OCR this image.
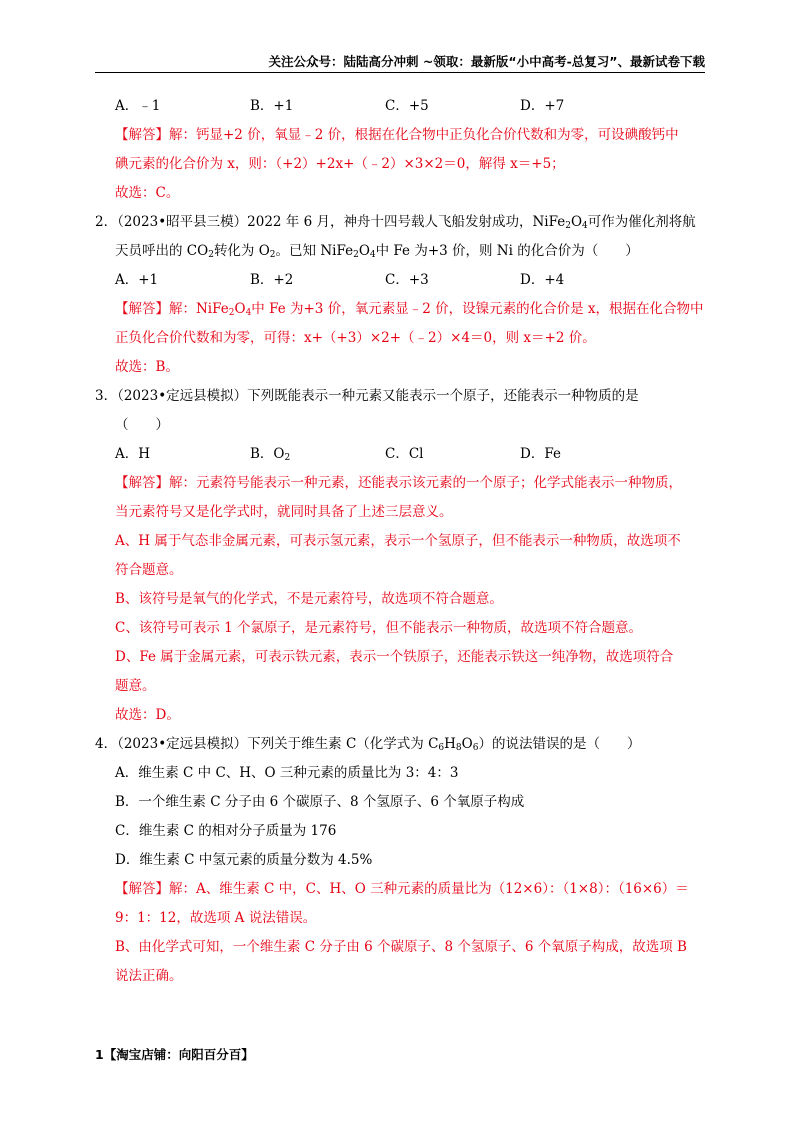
关注公众号：陆陆高分冲刺 ~领取：最新版“小中高考-总复习”、最新试卷下载
A．﹣1	B．+1	C．+5	D．+7
【解答】解：钙显+2 价，氧显﹣2 价，根据在化合物中正负化合价代数和为零，可设碘酸钙中
碘元素的化合价为 x，则：（+2）+2x+（﹣2）×3×2＝0，解得 x＝+5；
故选：C。
2．（2023•昭平县三模）2022 年 6 月，神舟十四号载人飞船发射成功，$NiFe_2O_4$可作为催化剂将航
天员呼出的 $CO_2$转化为 $O_2$。已知 $NiFe_2O_4$中 Fe 为+3 价，则 Ni 的化合价为（　　）
A．+1	B．+2	C．+3	D．+4
【解答】解：$NiFe_2O_4$中 Fe 为+3 价，氧元素显﹣2 价，设镍元素的化合价是 x，根据在化合物中
正负化合价代数和为零，可得：x+（+3）×2+（﹣2）×4＝0，则 x＝+2 价。
故选：B。
3．（2023•定远县模拟）下列既能表示一种元素又能表示一个原子，还能表示一种物质的是
（　　）
A．H	B．$O_2$	C．Cl	D．Fe
【解答】解：元素符号能表示一种元素，还能表示该元素的一个原子；化学式能表示一种物质，
当元素符号又是化学式时，就同时具备了上述三层意义。
A、H 属于气态非金属元素，可表示氢元素，表示一个氢原子，但不能表示一种物质，故选项不
符合题意。
B、该符号是氧气的化学式，不是元素符号，故选项不符合题意。
C、该符号可表示 1 个氯原子，是元素符号，但不能表示一种物质，故选项不符合题意。
D、Fe 属于金属元素，可表示铁元素，表示一个铁原子，还能表示铁这一纯净物，故选项符合
题意。
故选：D。
4．（2023•定远县模拟）下列关于维生素 C（化学式为 $C_6H_8O_6$）的说法错误的是（　　）
A．维生素 C 中 C、H、O 三种元素的质量比为 3：4：3
B．一个维生素 C 分子由 6 个碳原子、8 个氢原子、6 个氧原子构成
C．维生素 C 的相对分子质量为 176
D．维生素 C 中氢元素的质量分数为 4.5%
【解答】解：A、维生素 C 中，C、H、O 三种元素的质量比为（12×6）：（1×8）：（16×6）＝
9：1：12，故选项 A 说法错误。
B、由化学式可知，一个维生素 C 分子由 6 个碳原子、8 个氢原子、6 个氧原子构成，故选项 B
说法正确。
1【淘宝店铺：向阳百分百】
